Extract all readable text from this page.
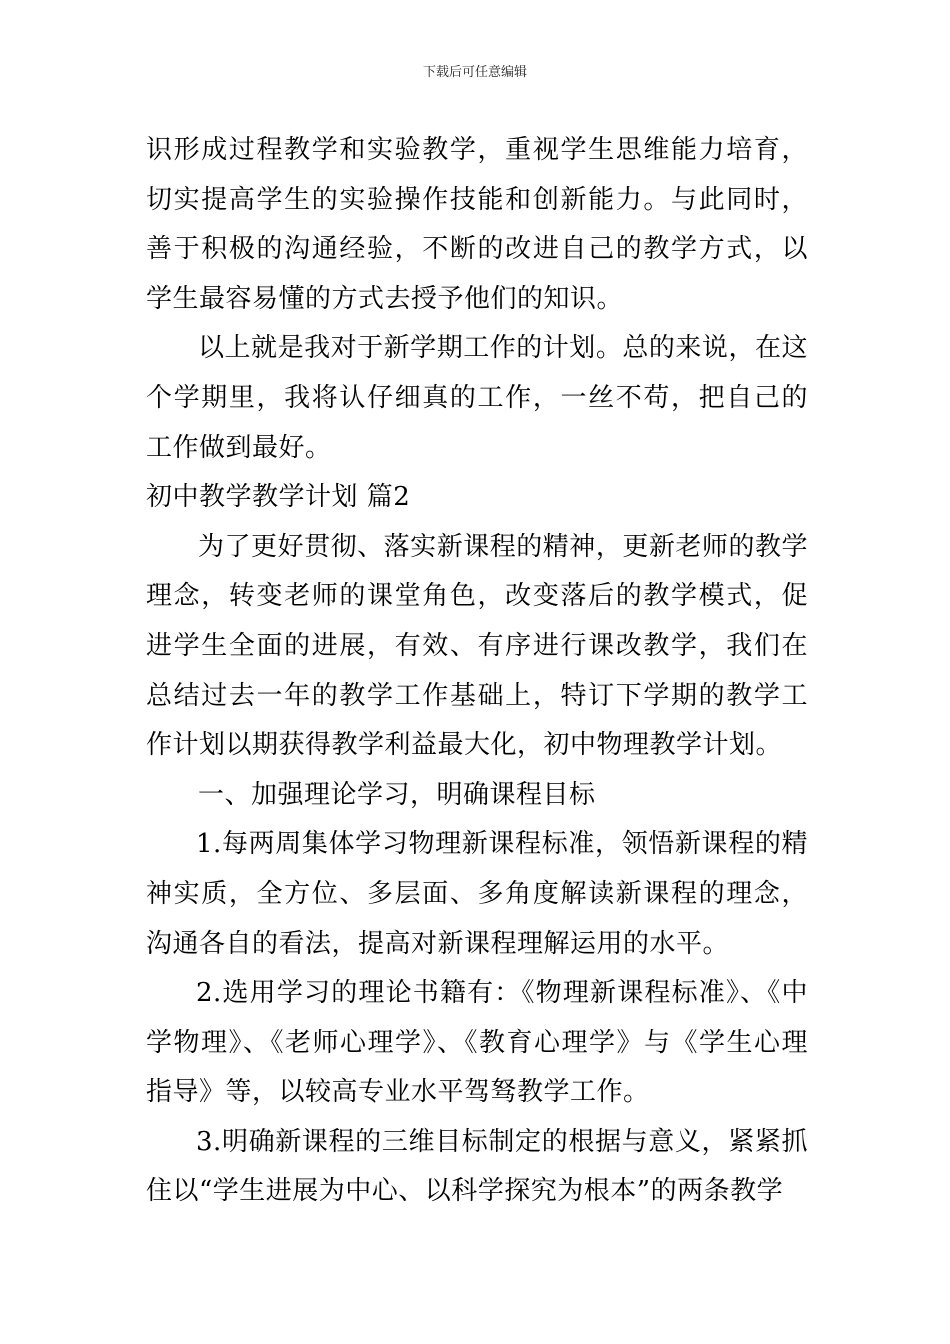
下载后可任意编辑

识形成过程教学和实验教学，重视学生思维能力培育，切实提高学生的实验操作技能和创新能力。与此同时，善于积极的沟通经验，不断的改进自己的教学方式，以学生最容易懂的方式去授予他们的知识。

以上就是我对于新学期工作的计划。总的来说，在这个学期里，我将认仔细真的工作，一丝不苟，把自己的工作做到最好。

初中教学教学计划 篇2

为了更好贯彻、落实新课程的精神，更新老师的教学理念，转变老师的课堂角色，改变落后的教学模式，促进学生全面的进展，有效、有序进行课改教学，我们在总结过去一年的教学工作基础上，特订下学期的教学工作计划以期获得教学利益最大化，初中物理教学计划。

一、加强理论学习，明确课程目标

1.每两周集体学习物理新课程标准，领悟新课程的精神实质，全方位、多层面、多角度解读新课程的理念，沟通各自的看法，提高对新课程理解运用的水平。

2.选用学习的理论书籍有：《物理新课程标准》、《中学物理》、《老师心理学》、《教育心理学》与《学生心理指导》等，以较高专业水平驾驽教学工作。

3.明确新课程的三维目标制定的根据与意义，紧紧抓住以“学生进展为中心、以科学探究为根本”的两条教学
